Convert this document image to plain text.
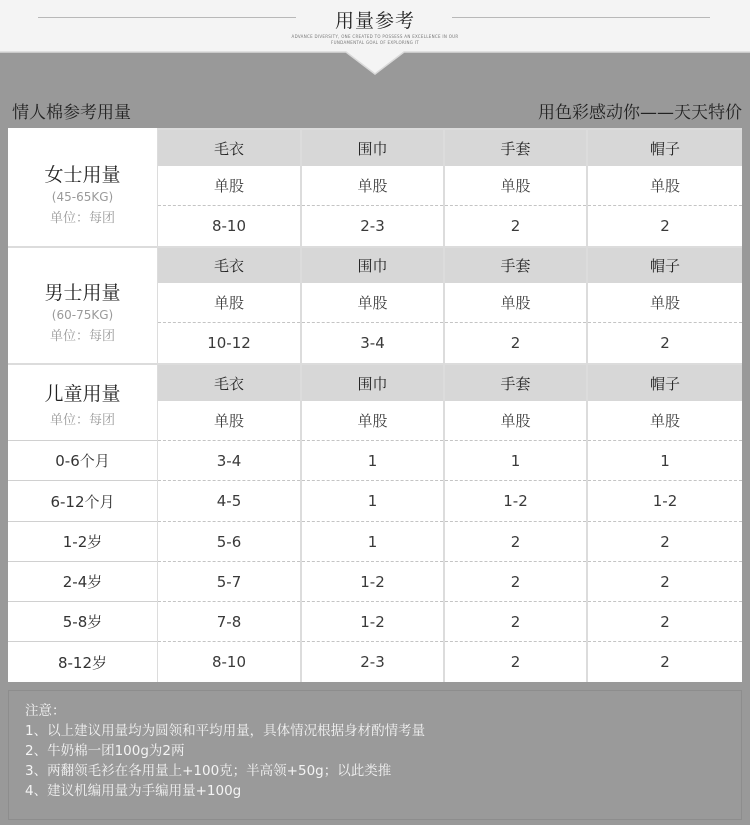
用量参考
ADVANCE DIVERSITY, ONE CREATED TO POSSESS AN EXCELLENCE IN OUR
FUNDAMENTAL GOAL OF EXPLORING IT
情人棉参考用量	用色彩感动你——天天特价
女士用量
(45-65KG)
单位：每团
毛衣	围巾	手套	帽子
单股	单股	单股	单股
8-10	2-3	2	2
男士用量
(60-75KG)
单位：每团
毛衣	围巾	手套	帽子
单股	单股	单股	单股
10-12	3-4	2	2
儿童用量
单位：每团
毛衣	围巾	手套	帽子
单股	单股	单股	单股
0-6个月	3-4	1	1	1
6-12个月	4-5	1	1-2	1-2
1-2岁	5-6	1	2	2
2-4岁	5-7	1-2	2	2
5-8岁	7-8	1-2	2	2
8-12岁	8-10	2-3	2	2
注意：
1、以上建议用量均为圆领和平均用量，具体情况根据身材酌情考量
2、牛奶棉一团100g为2两
3、两翻领毛衫在各用量上+100克；半高领+50g；以此类推
4、建议机编用量为手编用量+100g
